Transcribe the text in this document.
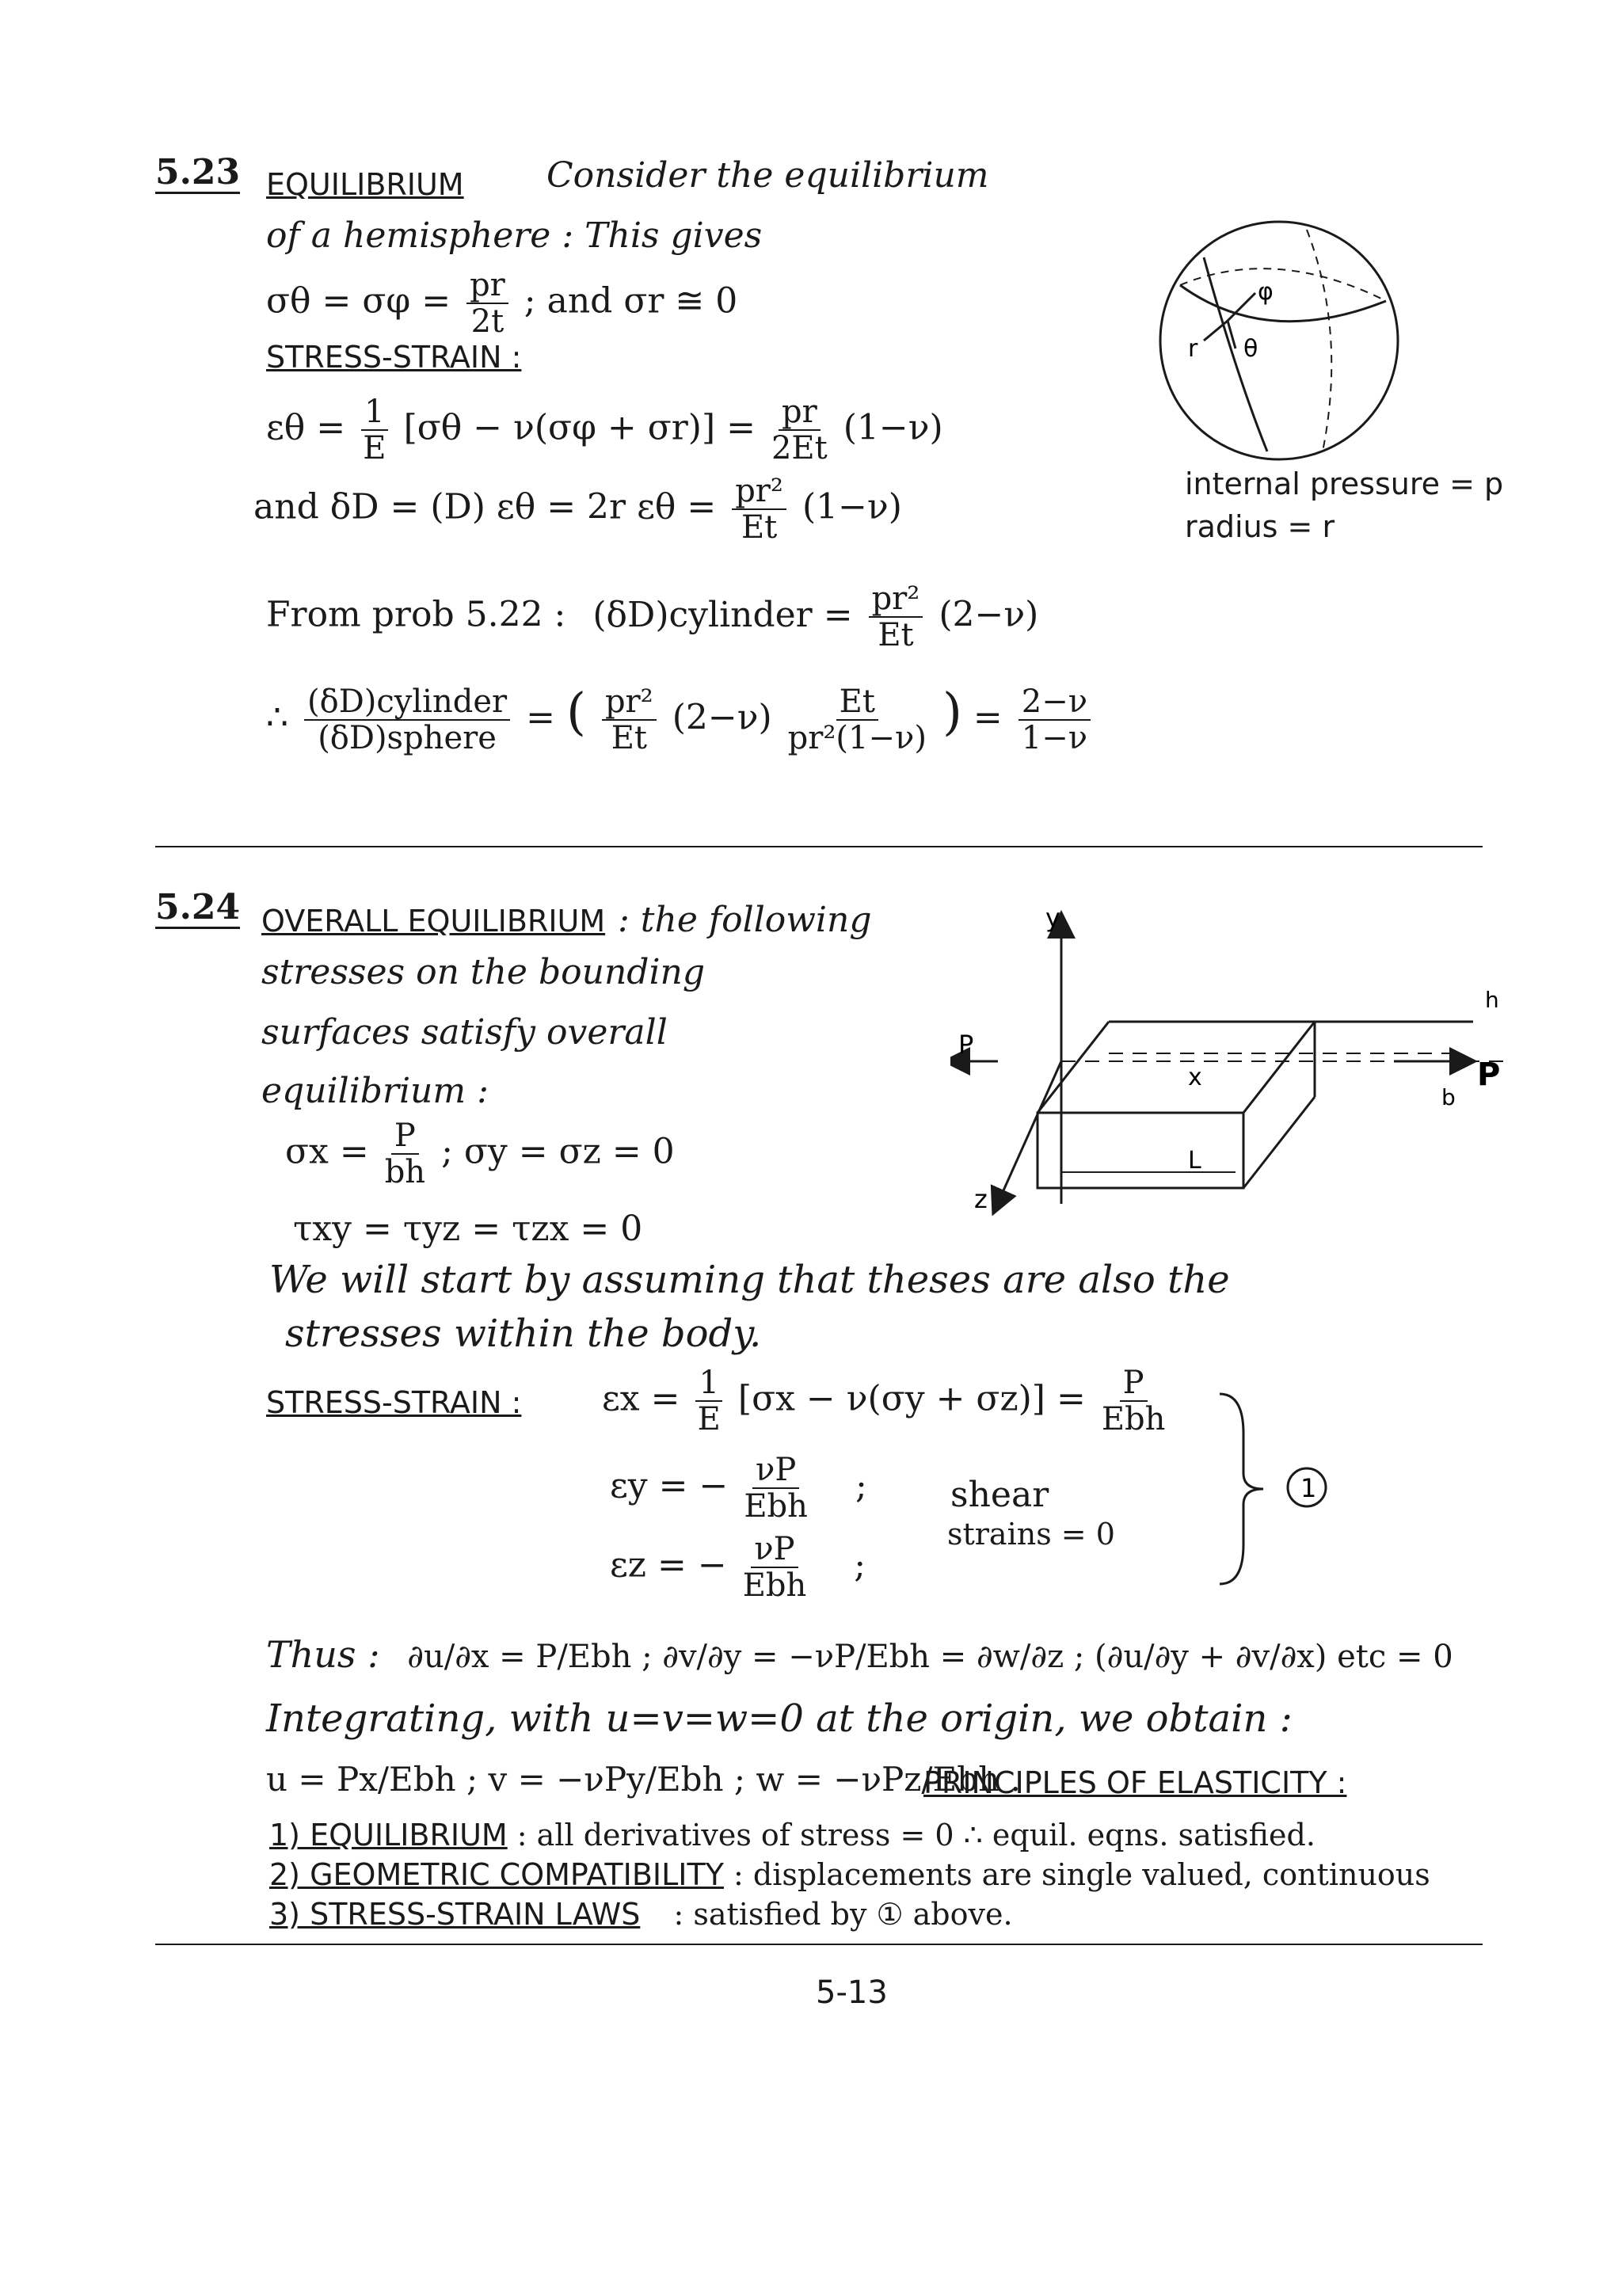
5.23 EQUILIBRIUM Consider the equilibrium
of a hemisphere : This gives
$\sigma\theta = \sigma\varphi = \frac{pr}{2t}$ ; and σr ≅ 0
STRESS-STRAIN :
$\varepsilon\theta = \frac{1}{E} [\sigma\theta - \nu(\sigma\varphi + \sigma r)] = \frac{pr}{2Et} (1-\nu)$
and δD = (D) εθ = 2r $\varepsilon\theta = \frac{\text{pr²}}{Et} (1-\nu)$
From prob 5.22 : (δD)cylinder = $\frac{\text{pr²}}{Et} (2-\nu)$
∴ $\frac{\text{(δD)cylinder}}{\text{(δD)sphere}}$ = ( $\frac{\text{pr²}}{Et} (2-\nu) \frac{Et}{\text{pr²(1−ν)}}$ ) = $\frac{2-\nu}{1-\nu}$
φ
θ
r
internal pressure = p
radius = r
5.24 OVERALL EQUILIBRIUM : the following
stresses on the bounding
surfaces satisfy overall
equilibrium :
$\sigma x = \frac{P}{bh}$ ; σy = σz = 0
τxy = τyz = τzx = 0
We will start by assuming that theses are also the
stresses within the body.
y
x
z
P
P
h
b
L
STRESS-STRAIN : $\varepsilon x = \frac{1}{E} [\sigma x - \nu(\sigma y + \sigma z)] = \frac{P}{\text{Ebh}}$
εy = − $\frac{\nu P}{\text{Ebh}}$ ; shear
strains = 0
εz = − $\frac{\nu P}{\text{Ebh}}$ ;
1
Thus : ∂u/∂x = P/Ebh ; ∂v/∂y = −νP/Ebh = ∂w/∂z ; (∂u/∂y + ∂v/∂x) etc = 0
Integrating, with u=v=w=0 at the origin, we obtain :
u = Px/Ebh ; v = −νPy/Ebh ; w = −νPz/Ebh .
PRINCIPLES OF ELASTICITY :
1) EQUILIBRIUM : all derivatives of stress = 0 ∴ equil. eqns. satisfied.
2) GEOMETRIC COMPATIBILITY : displacements are single valued, continuous
3) STRESS-STRAIN LAWS : satisfied by ① above.
5-13
